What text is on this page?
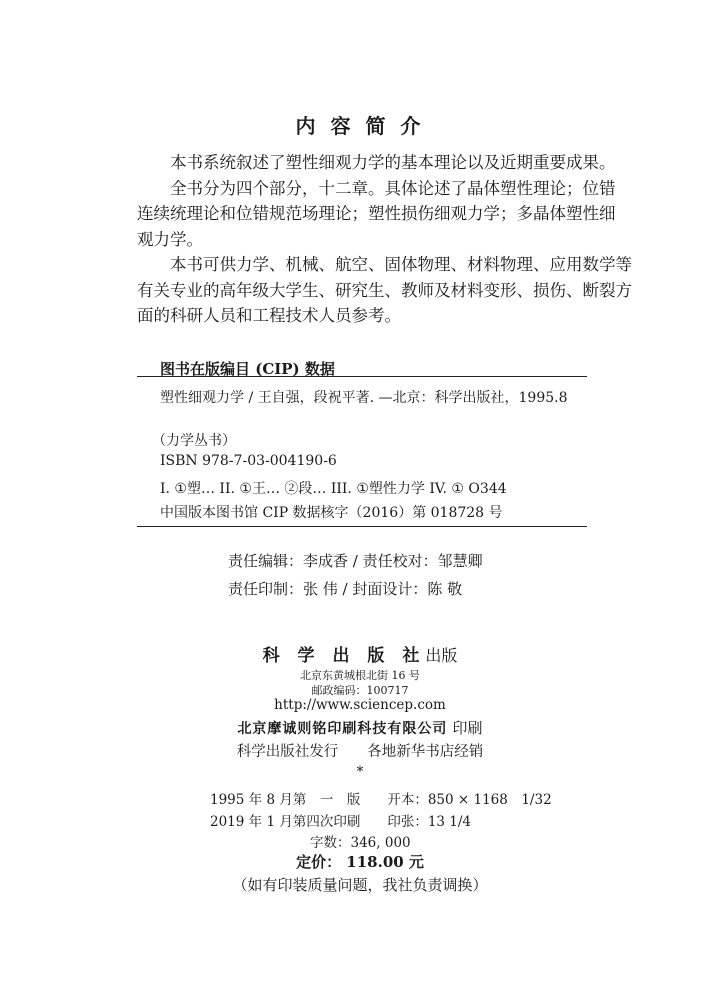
内 容 简 介
本书系统叙述了塑性细观力学的基本理论以及近期重要成果。
全书分为四个部分，十二章。具体论述了晶体塑性理论；位错
连续统理论和位错规范场理论；塑性损伤细观力学；多晶体塑性细
观力学。
本书可供力学、机械、航空、固体物理、材料物理、应用数学等
有关专业的高年级大学生、研究生、教师及材料变形、损伤、断裂方
面的科研人员和工程技术人员参考。
图书在版编目 (CIP) 数据
塑性细观力学 / 王自强，段祝平著. —北京：科学出版社，1995.8
（力学丛书）
ISBN 978-7-03-004190-6
I. ①塑… II. ①王… ②段… III. ①塑性力学 IV. ① O344
中国版本图书馆 CIP 数据核字（2016）第 018728 号
责任编辑：李成香 / 责任校对：邹慧卿
责任印制：张 伟 / 封面设计：陈 敬
科 学 出 版 社出版
北京东黄城根北街 16 号
邮政编码：100717
http://www.sciencep.com
北京摩诚则铭印刷科技有限公司 印刷
科学出版社发行　　各地新华书店经销
*
1995 年 8 月第　一　版　　开本：850 × 1168　1/32
2019 年 1 月第四次印刷　　印张：13 1/4
字数：346, 000
定价： 118.00 元
（如有印装质量问题，我社负责调换）
